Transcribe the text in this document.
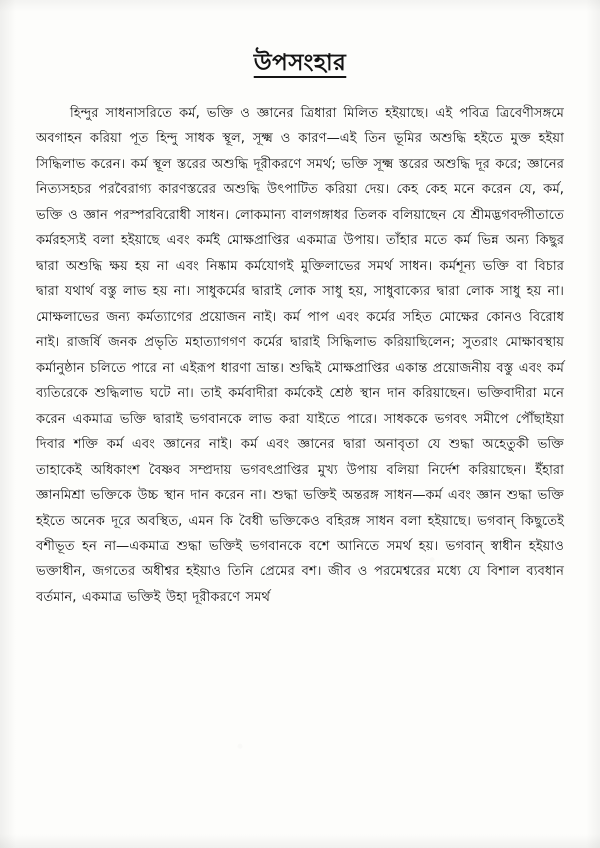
উপসংহার
হিন্দুর সাধনাসরিতে কর্ম, ভক্তি ও জ্ঞানের ত্রিধারা মিলিত হইয়াছে। এই পবিত্র ত্রিবেণীসঙ্গমে অবগাহন করিয়া পূত হিন্দু সাধক স্থূল, সূক্ষ্ম ও কারণ—এই তিন ভূমির অশুদ্ধি হইতে মুক্ত হইয়া সিদ্ধিলাভ করেন। কর্ম স্থূল স্তরের অশুদ্ধি দূরীকরণে সমর্থ; ভক্তি সূক্ষ্ম স্তরের অশুদ্ধি দূর করে; জ্ঞানের নিত্যসহচর পরবৈরাগ্য কারণস্তরের অশুদ্ধি উৎপাটিত করিয়া দেয়। কেহ কেহ মনে করেন যে, কর্ম, ভক্তি ও জ্ঞান পরস্পরবিরোধী সাধন। লোকমান্য বালগঙ্গাধর তিলক বলিয়াছেন যে শ্রীমদ্ভগবদ্গীতাতে কর্মরহস্যই বলা হইয়াছে এবং কর্মই মোক্ষপ্রাপ্তির একমাত্র উপায়। তাঁহার মতে কর্ম ভিন্ন অন্য কিছুর দ্বারা অশুদ্ধি ক্ষয় হয় না এবং নিষ্কাম কর্মযোগই মুক্তিলাভের সমর্থ সাধন। কর্মশূন্য ভক্তি বা বিচার দ্বারা যথার্থ বস্তু লাভ হয় না। সাধুকর্মের দ্বারাই লোক সাধু হয়, সাধুবাক্যের দ্বারা লোক সাধু হয় না। মোক্ষলাভের জন্য কর্মত্যাগের প্রয়োজন নাই। কর্ম পাপ এবং কর্মের সহিত মোক্ষের কোনও বিরোধ নাই। রাজর্ষি জনক প্রভৃতি মহাত্যাগগণ কর্মের দ্বারাই সিদ্ধিলাভ করিয়াছিলেন; সুতরাং মোক্ষাবস্থায় কর্মানুষ্ঠান চলিতে পারে না এইরূপ ধারণা ভ্রান্ত। শুদ্ধিই মোক্ষপ্রাপ্তির একান্ত প্রয়োজনীয় বস্তু এবং কর্ম ব্যতিরেকে শুদ্ধিলাভ ঘটে না। তাই কর্মবাদীরা কর্মকেই শ্রেষ্ঠ স্থান দান করিয়াছেন। ভক্তিবাদীরা মনে করেন একমাত্র ভক্তি দ্বারাই ভগবানকে লাভ করা যাইতে পারে। সাধককে ভগবৎ সমীপে পৌঁছাইয়া দিবার শক্তি কর্ম এবং জ্ঞানের নাই। কর্ম এবং জ্ঞানের দ্বারা অনাবৃতা যে শুদ্ধা অহেতুকী ভক্তি তাহাকেই অধিকাংশ বৈষ্ণব সম্প্রদায় ভগবৎপ্রাপ্তির মুখ্য উপায় বলিয়া নির্দেশ করিয়াছেন। ইঁহারা জ্ঞানমিশ্রা ভক্তিকে উচ্চ স্থান দান করেন না। শুদ্ধা ভক্তিই অন্তরঙ্গ সাধন—কর্ম এবং জ্ঞান শুদ্ধা ভক্তি হইতে অনেক দূরে অবস্থিত, এমন কি বৈধী ভক্তিকেও বহিরঙ্গ সাধন বলা হইয়াছে। ভগবান্ কিছুতেই বশীভূত হন না—একমাত্র শুদ্ধা ভক্তিই ভগবানকে বশে আনিতে সমর্থ হয়। ভগবান্ স্বাধীন হইয়াও ভক্তাধীন, জগতের অধীশ্বর হইয়াও তিনি প্রেমের বশ। জীব ও পরমেশ্বরের মধ্যে যে বিশাল ব্যবধান বর্তমান, একমাত্র ভক্তিই উহা দূরীকরণে সমর্থ
